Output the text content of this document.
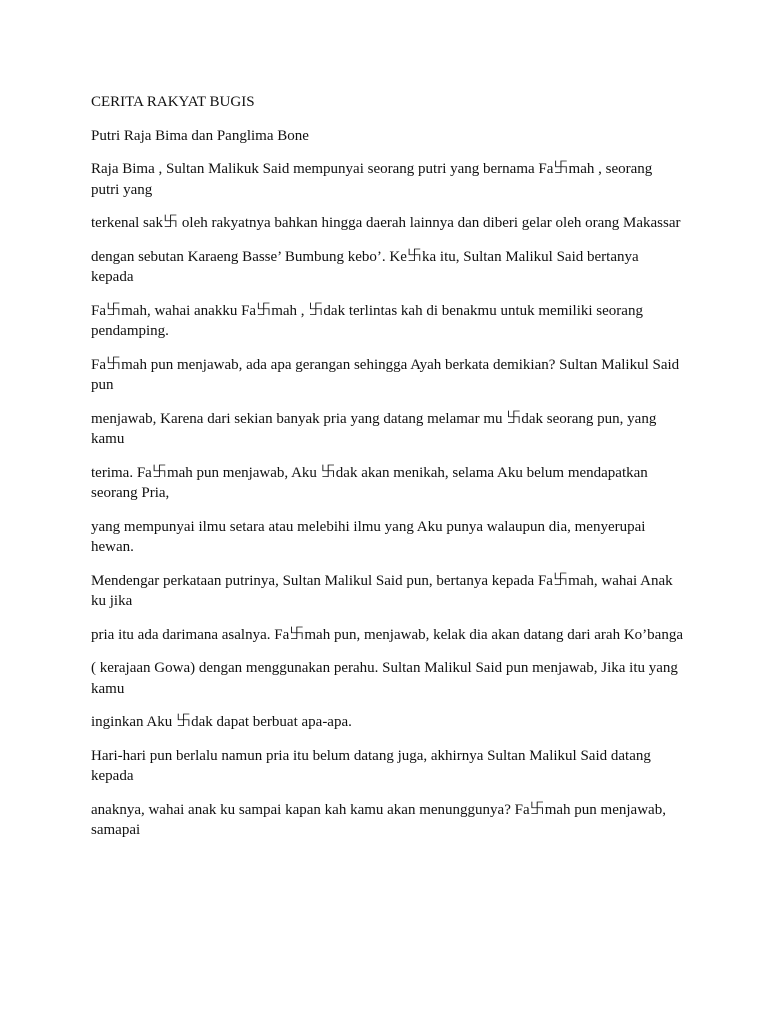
CERITA RAKYAT BUGIS

Putri Raja Bima dan Panglima Bone

Raja Bima , Sultan Malikuk Said mempunyai seorang putri yang bernama Fa࿕mah , seorang putri yang

terkenal sak࿕ oleh rakyatnya bahkan hingga daerah lainnya dan diberi gelar oleh orang Makassar

dengan sebutan Karaeng Basse’ Bumbung kebo’. Ke࿕ka itu, Sultan Malikul Said bertanya kepada

Fa࿕mah, wahai anakku Fa࿕mah , ࿕dak terlintas kah di benakmu untuk memiliki seorang pendamping.

Fa࿕mah pun menjawab, ada apa gerangan sehingga Ayah berkata demikian? Sultan Malikul Said pun

menjawab, Karena dari sekian banyak pria yang datang melamar mu ࿕dak seorang pun, yang kamu

terima. Fa࿕mah pun menjawab, Aku ࿕dak akan menikah, selama Aku belum mendapatkan seorang Pria,

yang mempunyai ilmu setara atau melebihi ilmu yang Aku punya walaupun dia, menyerupai hewan.

Mendengar perkataan putrinya, Sultan Malikul Said pun, bertanya kepada Fa࿕mah, wahai Anak ku jika

pria itu ada darimana asalnya. Fa࿕mah pun, menjawab, kelak dia akan datang dari arah Ko’banga

( kerajaan Gowa) dengan menggunakan perahu. Sultan Malikul Said pun menjawab, Jika itu yang kamu

inginkan Aku ࿕dak dapat berbuat apa-apa.

Hari-hari pun berlalu namun pria itu belum datang juga, akhirnya Sultan Malikul Said datang kepada

anaknya, wahai anak ku sampai kapan kah kamu akan menunggunya? Fa࿕mah pun menjawab, samapai
